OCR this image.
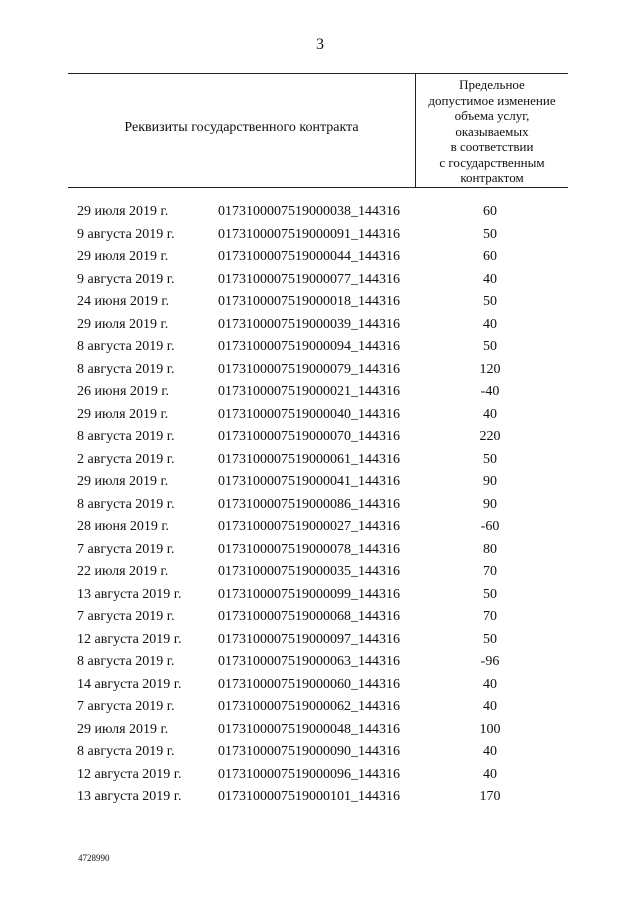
3
Реквизиты государственного контракта
Предельное
допустимое изменение
объема услуг,
оказываемых
в соответствии
с государственным
контрактом
29 июля 2019 г.	0173100007519000038_144316	60
9 августа 2019 г.	0173100007519000091_144316	50
29 июля 2019 г.	0173100007519000044_144316	60
9 августа 2019 г.	0173100007519000077_144316	40
24 июня 2019 г.	0173100007519000018_144316	50
29 июля 2019 г.	0173100007519000039_144316	40
8 августа 2019 г.	0173100007519000094_144316	50
8 августа 2019 г.	0173100007519000079_144316	120
26 июня 2019 г.	0173100007519000021_144316	-40
29 июля 2019 г.	0173100007519000040_144316	40
8 августа 2019 г.	0173100007519000070_144316	220
2 августа 2019 г.	0173100007519000061_144316	50
29 июля 2019 г.	0173100007519000041_144316	90
8 августа 2019 г.	0173100007519000086_144316	90
28 июня 2019 г.	0173100007519000027_144316	-60
7 августа 2019 г.	0173100007519000078_144316	80
22 июля 2019 г.	0173100007519000035_144316	70
13 августа 2019 г.	0173100007519000099_144316	50
7 августа 2019 г.	0173100007519000068_144316	70
12 августа 2019 г.	0173100007519000097_144316	50
8 августа 2019 г.	0173100007519000063_144316	-96
14 августа 2019 г.	0173100007519000060_144316	40
7 августа 2019 г.	0173100007519000062_144316	40
29 июля 2019 г.	0173100007519000048_144316	100
8 августа 2019 г.	0173100007519000090_144316	40
12 августа 2019 г.	0173100007519000096_144316	40
13 августа 2019 г.	0173100007519000101_144316	170
4728990
